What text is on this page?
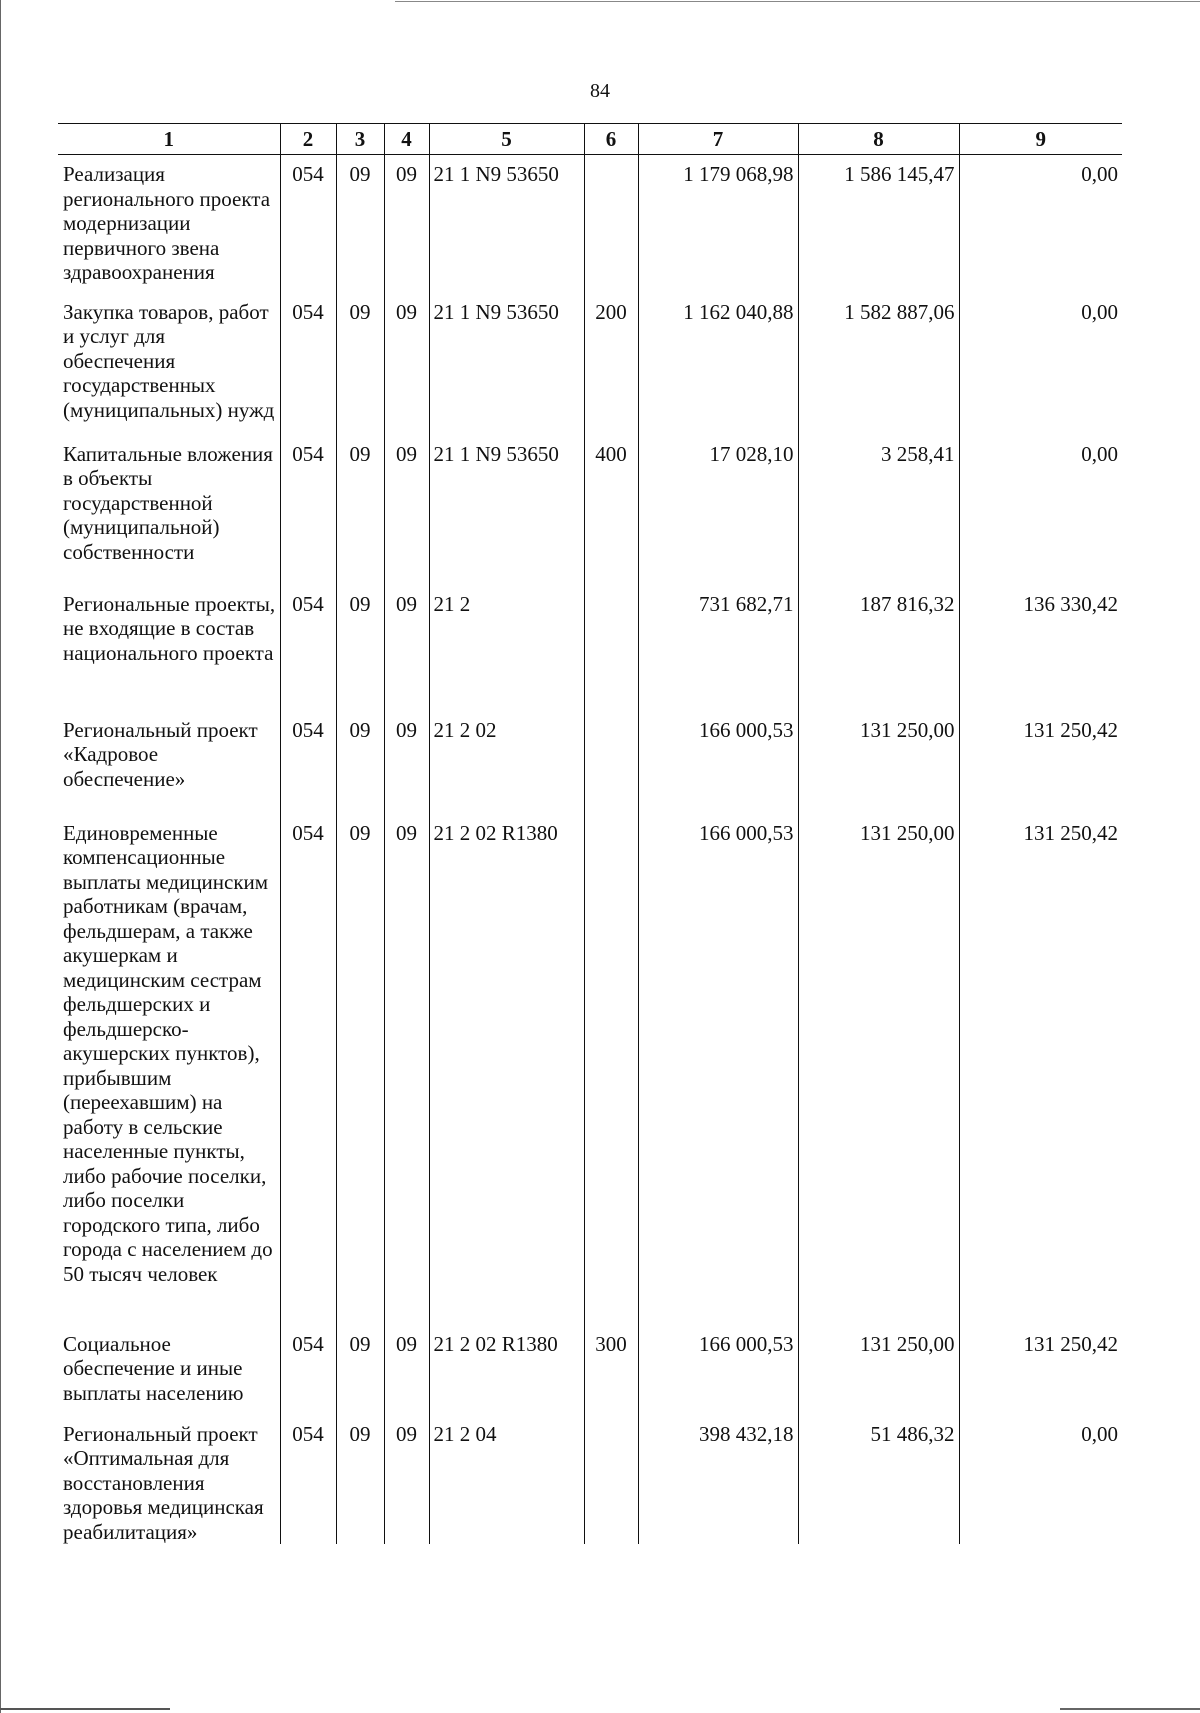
84
1	2	3	4	5	6	7	8	9
Реализация регионального проекта модернизации первичного звена здравоохранения	054	09	09	21 1 N9 53650		1 179 068,98	1 586 145,47	0,00
Закупка товаров, работ и услуг для обеспечения государственных (муниципальных) нужд	054	09	09	21 1 N9 53650	200	1 162 040,88	1 582 887,06	0,00
Капитальные вложения в объекты государственной (муниципальной) собственности	054	09	09	21 1 N9 53650	400	17 028,10	3 258,41	0,00
Региональные проекты, не входящие в состав национального проекта	054	09	09	21 2		731 682,71	187 816,32	136 330,42
Региональный проект «Кадровое обеспечение»	054	09	09	21 2 02		166 000,53	131 250,00	131 250,42
Единовременные компенсационные выплаты медицинским работникам (врачам, фельдшерам, а также акушеркам и медицинским сестрам фельдшерских и фельдшерско-акушерских пунктов), прибывшим (переехавшим) на работу в сельские населенные пункты, либо рабочие поселки, либо поселки городского типа, либо города с населением до 50 тысяч человек	054	09	09	21 2 02 R1380		166 000,53	131 250,00	131 250,42
Социальное обеспечение и иные выплаты населению	054	09	09	21 2 02 R1380	300	166 000,53	131 250,00	131 250,42
Региональный проект «Оптимальная для восстановления здоровья медицинская реабилитация»	054	09	09	21 2 04		398 432,18	51 486,32	0,00
